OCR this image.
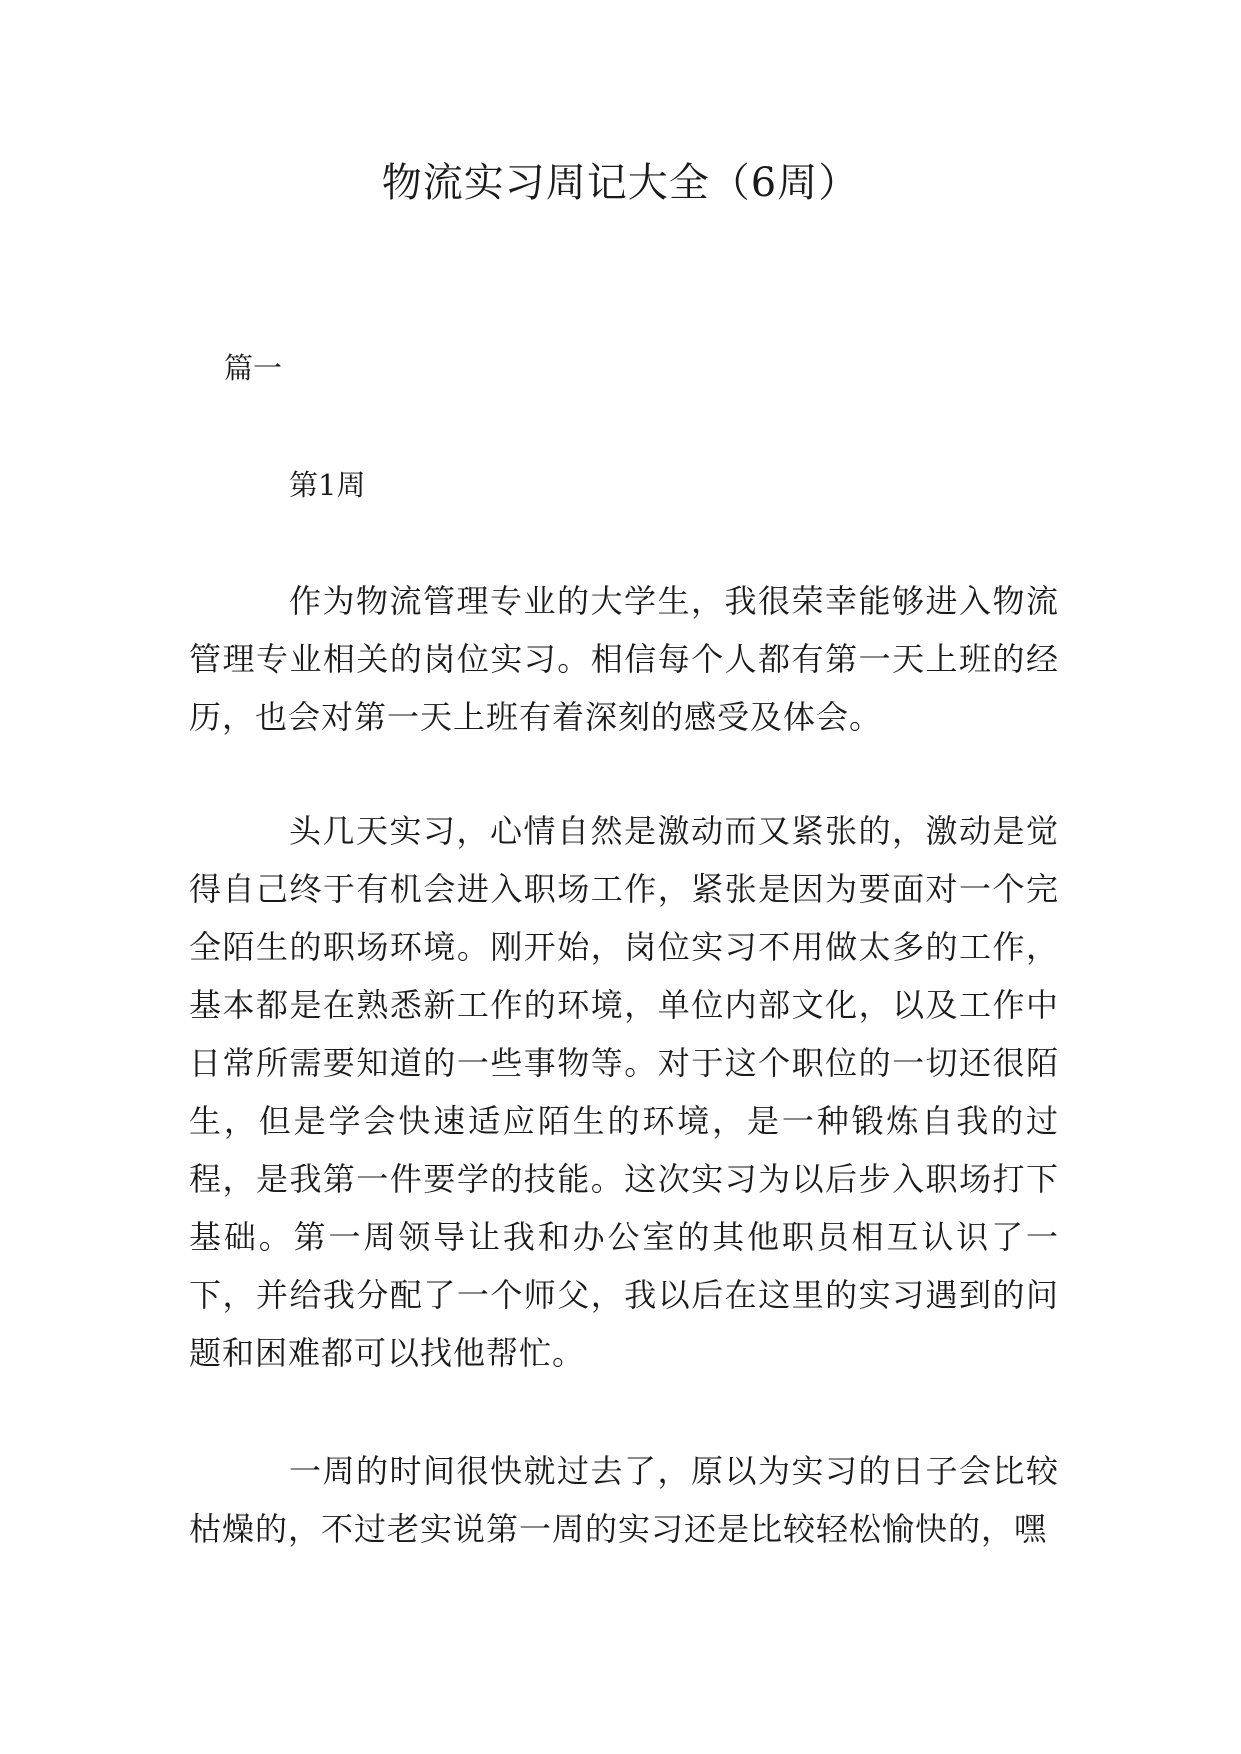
物流实习周记大全（6周）

篇一

第1周

作为物流管理专业的大学生，我很荣幸能够进入物流管理专业相关的岗位实习。相信每个人都有第一天上班的经历，也会对第一天上班有着深刻的感受及体会。

头几天实习，心情自然是激动而又紧张的，激动是觉得自己终于有机会进入职场工作，紧张是因为要面对一个完全陌生的职场环境。刚开始，岗位实习不用做太多的工作，基本都是在熟悉新工作的环境，单位内部文化，以及工作中日常所需要知道的一些事物等。对于这个职位的一切还很陌生，但是学会快速适应陌生的环境，是一种锻炼自我的过程，是我第一件要学的技能。这次实习为以后步入职场打下基础。第一周领导让我和办公室的其他职员相互认识了一下，并给我分配了一个师父，我以后在这里的实习遇到的问题和困难都可以找他帮忙。

一周的时间很快就过去了，原以为实习的日子会比较枯燥的，不过老实说第一周的实习还是比较轻松愉快的，嘿
